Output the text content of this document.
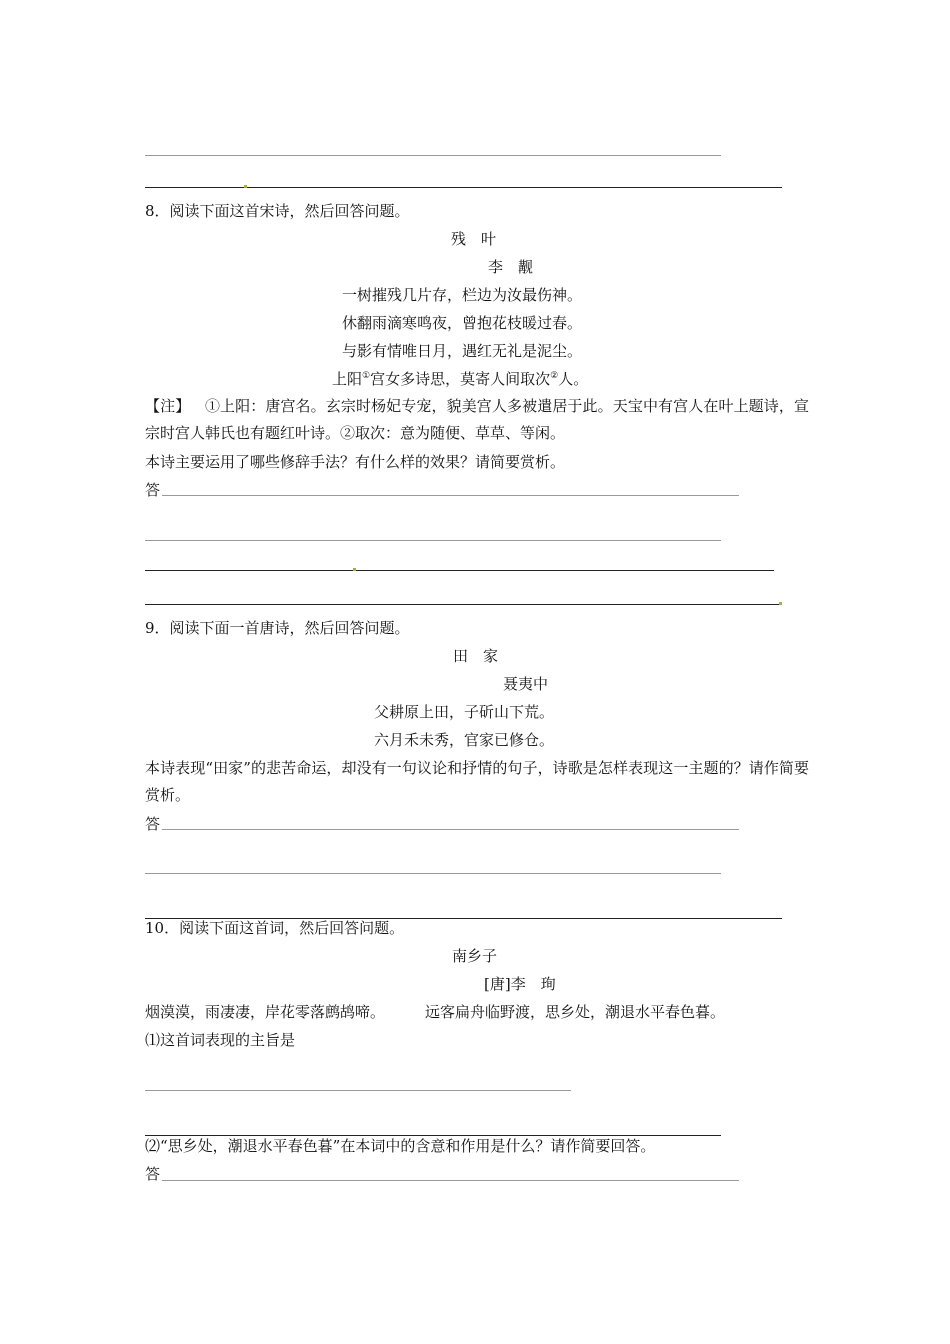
8．阅读下面这首宋诗，然后回答问题。
残　叶
李　觏
一树摧残几片存，栏边为汝最伤神。
休翻雨滴寒鸣夜，曾抱花枝暖过春。
与影有情唯日月，遇红无礼是泥尘。
上阳①宫女多诗思，莫寄人间取次②人。
【注】 ①上阳：唐宫名。玄宗时杨妃专宠，貌美宫人多被遣居于此。天宝中有宫人在叶上题诗，宣宗时宫人韩氏也有题红叶诗。②取次：意为随便、草草、等闲。
本诗主要运用了哪些修辞手法？有什么样的效果？请简要赏析。
答
9．阅读下面一首唐诗，然后回答问题。
田　家
聂夷中
父耕原上田，子斫山下荒。
六月禾未秀，官家已修仓。
本诗表现“田家”的悲苦命运，却没有一句议论和抒情的句子，诗歌是怎样表现这一主题的？请作简要赏析。
答
10．阅读下面这首词，然后回答问题。
南乡子
[唐]李　珣
烟漠漠，雨凄凄，岸花零落鹧鸪啼。	远客扁舟临野渡，思乡处，潮退水平春色暮。
⑴这首词表现的主旨是
⑵“思乡处，潮退水平春色暮”在本词中的含意和作用是什么？请作简要回答。
答
